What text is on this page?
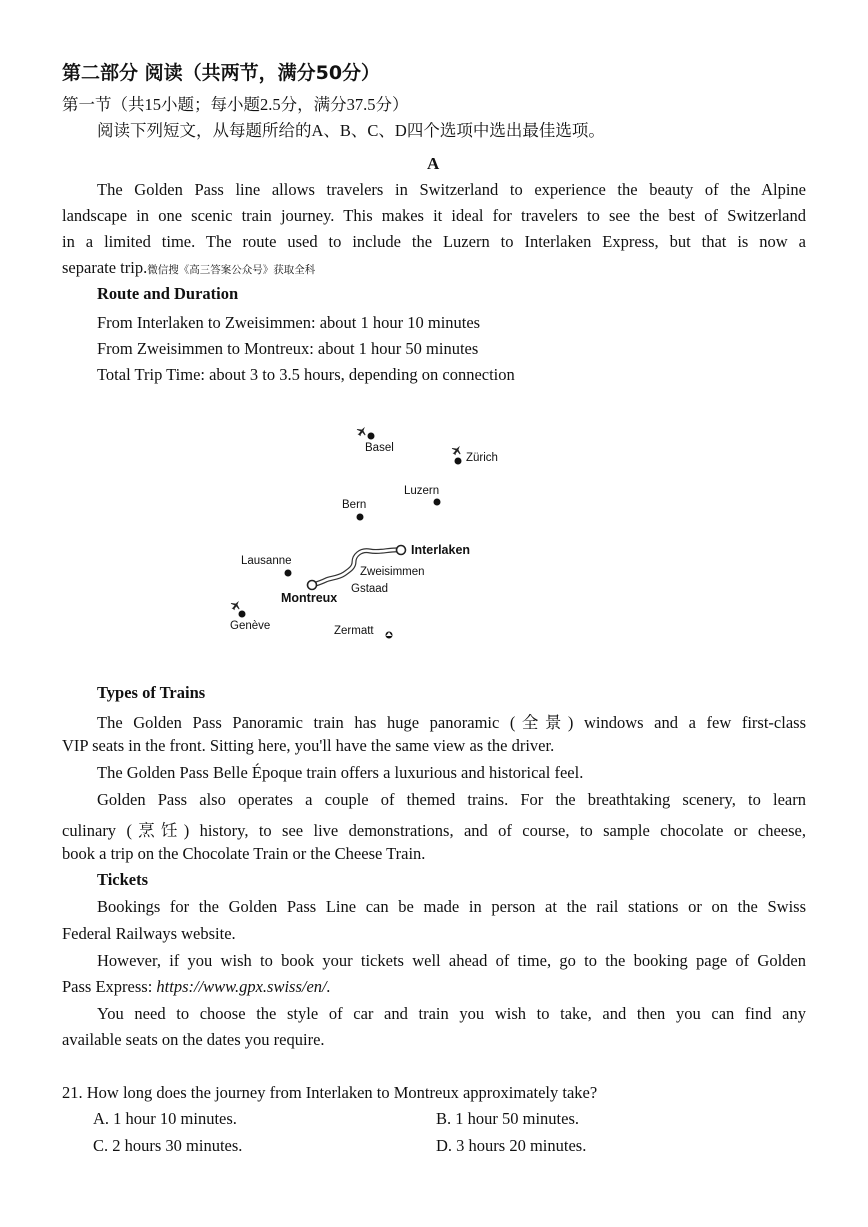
第二部分 阅读（共两节，满分50分）
第一节（共15小题；每小题2.5分，满分37.5分）
阅读下列短文，从每题所给的A、B、C、D四个选项中选出最佳选项。
A
The Golden Pass line allows travelers in Switzerland to experience the beauty of the Alpine
landscape in one scenic train journey. This makes it ideal for travelers to see the best of Switzerland
in a limited time. The route used to include the Luzern to Interlaken Express, but that is now a
separate trip.微信搜《高三答案公众号》获取全科
Route and Duration
From Interlaken to Zweisimmen: about 1 hour 10 minutes
From Zweisimmen to Montreux: about 1 hour 50 minutes
Total Trip Time: about 3 to 3.5 hours, depending on connection
Basel
Zürich
Luzern
Bern
Interlaken
Lausanne
Zweisimmen
Gstaad
Montreux
Genève	Zermatt
Types of Trains
The Golden Pass Panoramic train has huge panoramic (全景) windows and a few first-class
VIP seats in the front. Sitting here, you'll have the same view as the driver.
The Golden Pass Belle Époque train offers a luxurious and historical feel.
Golden Pass also operates a couple of themed trains. For the breathtaking scenery, to learn
culinary (烹饪) history, to see live demonstrations, and of course, to sample chocolate or cheese,
book a trip on the Chocolate Train or the Cheese Train.
Tickets
Bookings for the Golden Pass Line can be made in person at the rail stations or on the Swiss
Federal Railways website.
However, if you wish to book your tickets well ahead of time, go to the booking page of Golden
Pass Express: https://www.gpx.swiss/en/.
You need to choose the style of car and train you wish to take, and then you can find any
available seats on the dates you require.
21. How long does the journey from Interlaken to Montreux approximately take?
A. 1 hour 10 minutes.	B. 1 hour 50 minutes.
C. 2 hours 30 minutes.	D. 3 hours 20 minutes.
